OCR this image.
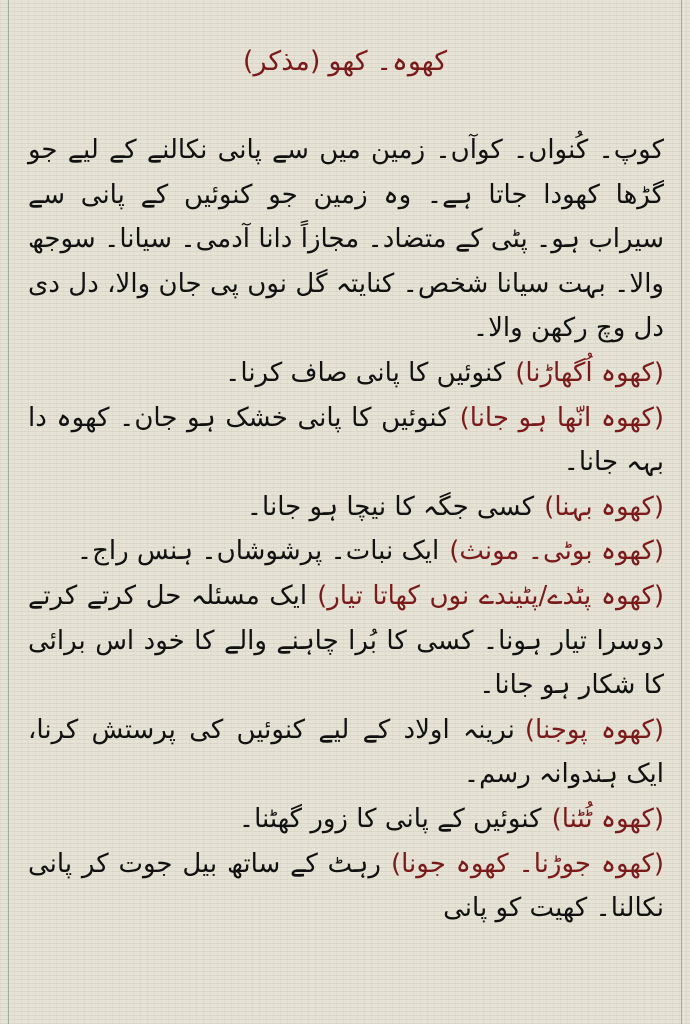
کھوہ۔ کھو(مذکر)

کوپ۔ کُنواں۔ کوآں۔ زمین میں سے پانی نکالنے کے لیے جو گڑھا کھودا جاتا ہے۔ وہ زمین جو کنوئیں کے پانی سے سیراب ہو۔ پٹی کے متضاد۔ مجازاً دانا آدمی۔ سیانا۔ سوجھ والا۔ بہت سیانا شخص۔ کنایتہ گل نوں پی جان والا، دل دی دل وچ رکھن والا۔

(کھوہ اُگھاڑنا)کنوئیں کا پانی صاف کرنا۔

(کھوہ انّھا ہو جانا)کنوئیں کا پانی خشک ہو جان۔ کھوہ دا بہہ جانا۔

(کھوہ بہنا)کسی جگہ کا نیچا ہو جانا۔

(کھوہ بوٹی۔ مونث)ایک نبات۔ پرشوشاں۔ ہنس راج۔

(کھوہ پٹدے/پٹیندے نوں کھاتا تیار)ایک مسئلہ حل کرتے کرتے دوسرا تیار ہونا۔ کسی کا بُرا چاہنے والے کا خود اس برائی کا شکار ہو جانا۔

(کھوہ پوجنا)نرینہ اولاد کے لیے کنوئیں کی پرستش کرنا، ایک ہندوانہ رسم۔

(کھوہ ٹُٹنا)کنوئیں کے پانی کا زور گھٹنا۔

(کھوہ جوڑنا۔ کھوہ جونا)رہٹ کے ساتھ بیل جوت کر پانی نکالنا۔ کھیت کو پانی
